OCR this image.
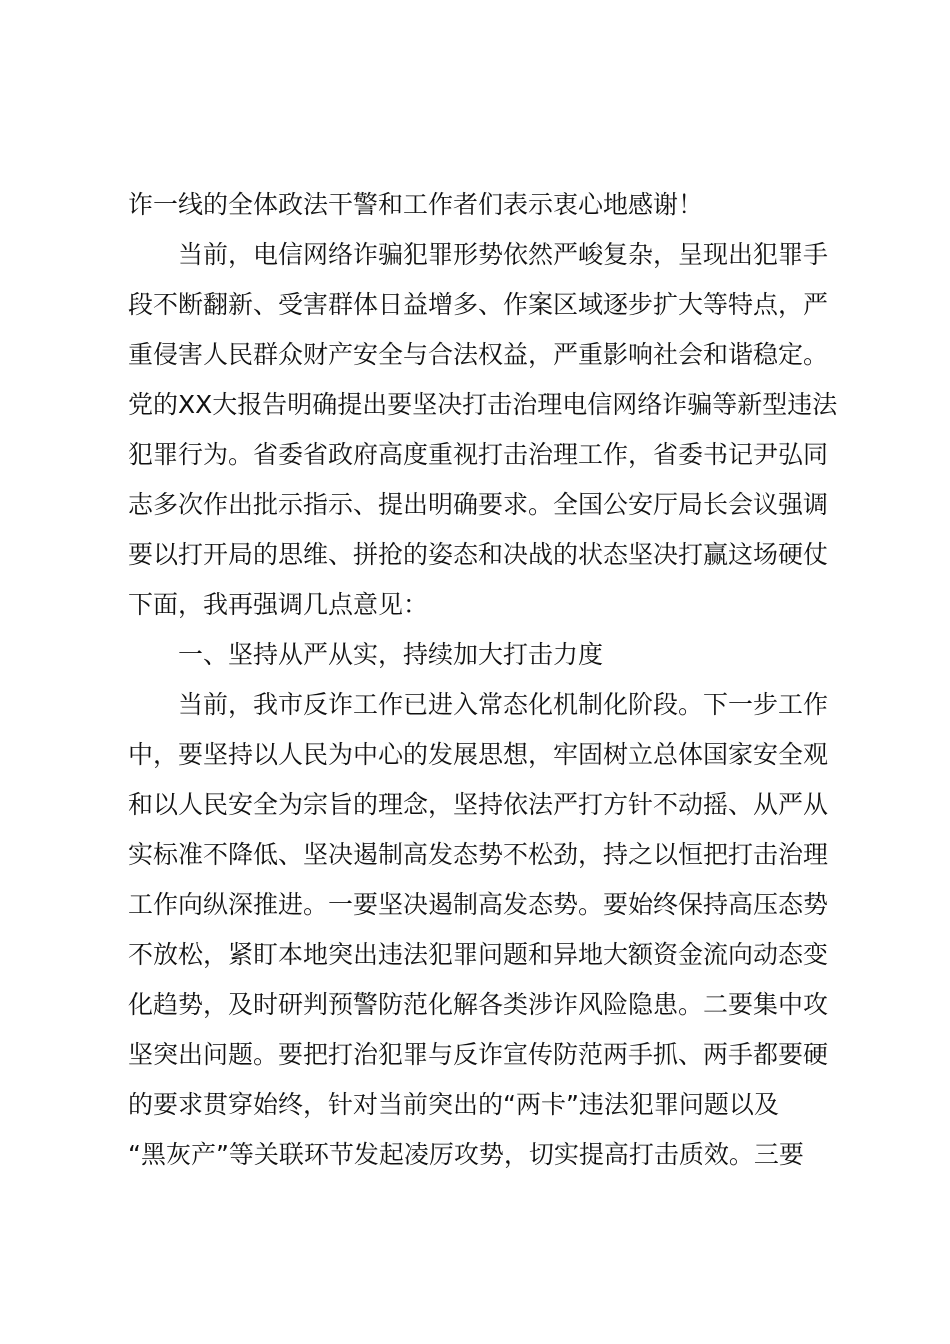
诈一线的全体政法干警和工作者们表示衷心地感谢！
当前，电信网络诈骗犯罪形势依然严峻复杂，呈现出犯罪手
段不断翻新、受害群体日益增多、作案区域逐步扩大等特点，严
重侵害人民群众财产安全与合法权益，严重影响社会和谐稳定。
党的XX大报告明确提出要坚决打击治理电信网络诈骗等新型违法
犯罪行为。省委省政府高度重视打击治理工作，省委书记尹弘同
志多次作出批示指示、提出明确要求。全国公安厅局长会议强调
要以打开局的思维、拼抢的姿态和决战的状态坚决打赢这场硬仗
下面，我再强调几点意见：
一、坚持从严从实，持续加大打击力度
当前，我市反诈工作已进入常态化机制化阶段。下一步工作
中，要坚持以人民为中心的发展思想，牢固树立总体国家安全观
和以人民安全为宗旨的理念，坚持依法严打方针不动摇、从严从
实标准不降低、坚决遏制高发态势不松劲，持之以恒把打击治理
工作向纵深推进。一要坚决遏制高发态势。要始终保持高压态势
不放松，紧盯本地突出违法犯罪问题和异地大额资金流向动态变
化趋势，及时研判预警防范化解各类涉诈风险隐患。二要集中攻
坚突出问题。要把打治犯罪与反诈宣传防范两手抓、两手都要硬
的要求贯穿始终，针对当前突出的“两卡”违法犯罪问题以及
“黑灰产”等关联环节发起凌厉攻势，切实提高打击质效。三要
